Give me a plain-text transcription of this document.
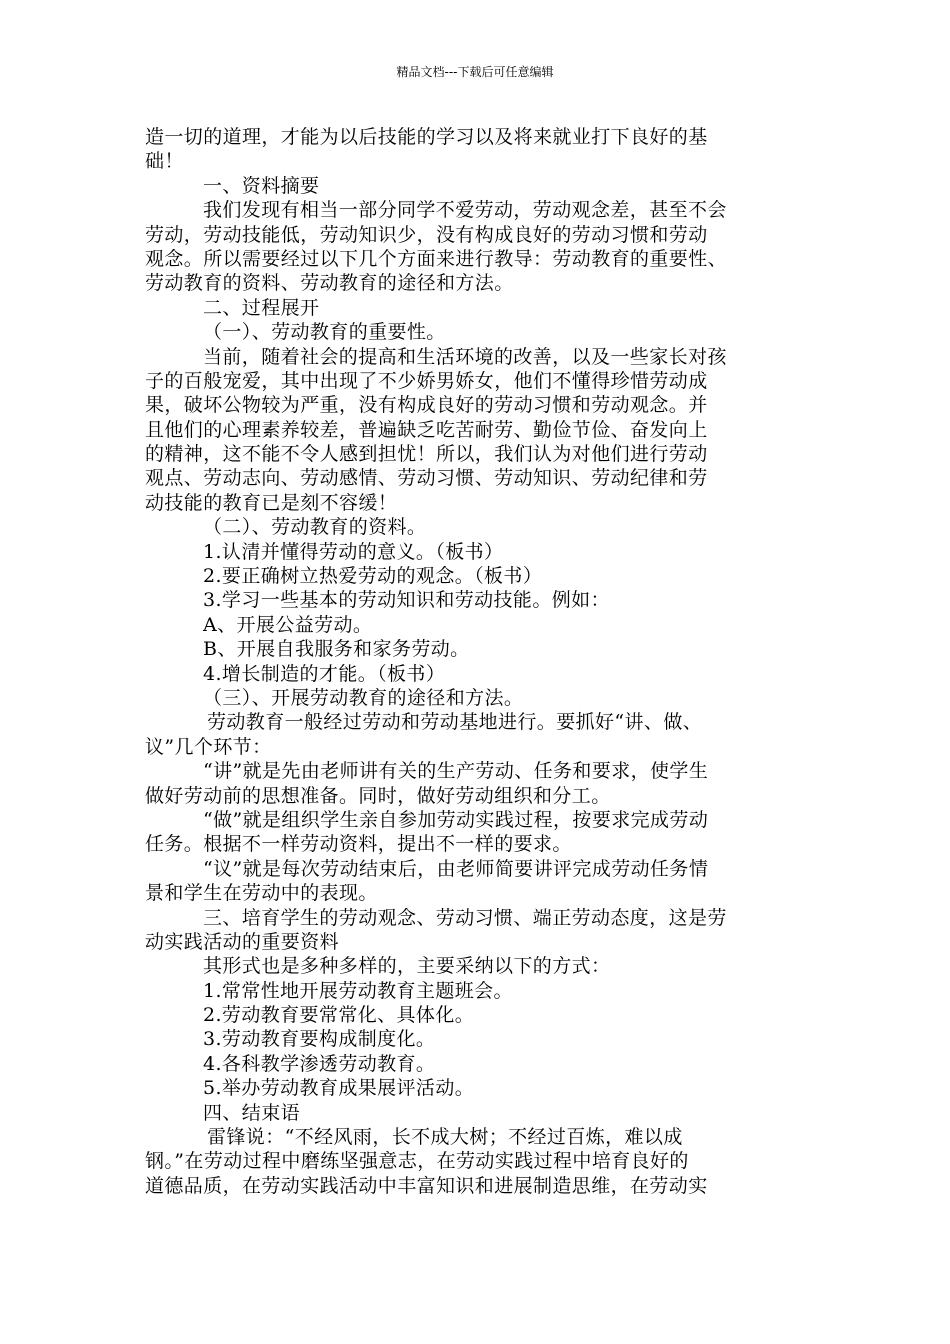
精品文档---下载后可任意编辑
造一切的道理，才能为以后技能的学习以及将来就业打下良好的基
础！
一、资料摘要
我们发现有相当一部分同学不爱劳动，劳动观念差，甚至不会
劳动，劳动技能低，劳动知识少，没有构成良好的劳动习惯和劳动
观念。所以需要经过以下几个方面来进行教导：劳动教育的重要性、
劳动教育的资料、劳动教育的途径和方法。
二、过程展开
（一）、劳动教育的重要性。
当前，随着社会的提高和生活环境的改善，以及一些家长对孩
子的百般宠爱，其中出现了不少娇男娇女，他们不懂得珍惜劳动成
果，破坏公物较为严重，没有构成良好的劳动习惯和劳动观念。并
且他们的心理素养较差，普遍缺乏吃苦耐劳、勤俭节俭、奋发向上
的精神，这不能不令人感到担忧！所以，我们认为对他们进行劳动
观点、劳动志向、劳动感情、劳动习惯、劳动知识、劳动纪律和劳
动技能的教育已是刻不容缓！
（二）、劳动教育的资料。
1.认清并懂得劳动的意义。（板书）
2.要正确树立热爱劳动的观念。（板书）
3.学习一些基本的劳动知识和劳动技能。例如：
A、开展公益劳动。
B、开展自我服务和家务劳动。
4.增长制造的才能。（板书）
（三）、开展劳动教育的途径和方法。
劳动教育一般经过劳动和劳动基地进行。要抓好“讲、做、
议”几个环节：
“讲”就是先由老师讲有关的生产劳动、任务和要求，使学生
做好劳动前的思想准备。同时，做好劳动组织和分工。
“做”就是组织学生亲自参加劳动实践过程，按要求完成劳动
任务。根据不一样劳动资料，提出不一样的要求。
“议”就是每次劳动结束后，由老师简要讲评完成劳动任务情
景和学生在劳动中的表现。
三、培育学生的劳动观念、劳动习惯、端正劳动态度，这是劳
动实践活动的重要资料
其形式也是多种多样的，主要采纳以下的方式：
1.常常性地开展劳动教育主题班会。
2.劳动教育要常常化、具体化。
3.劳动教育要构成制度化。
4.各科教学渗透劳动教育。
5.举办劳动教育成果展评活动。
四、结束语
雷锋说：“不经风雨，长不成大树；不经过百炼，难以成
钢。”在劳动过程中磨练坚强意志，在劳动实践过程中培育良好的
道德品质，在劳动实践活动中丰富知识和进展制造思维，在劳动实
